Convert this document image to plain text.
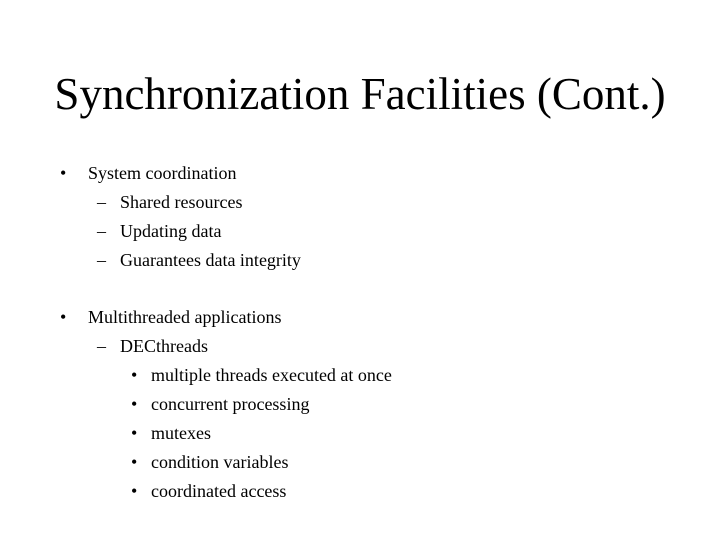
Synchronization Facilities (Cont.)
• System coordination
– Shared resources
– Updating data
– Guarantees data integrity
• Multithreaded applications
– DECthreads
• multiple threads executed at once
• concurrent processing
• mutexes
• condition variables
• coordinated access
